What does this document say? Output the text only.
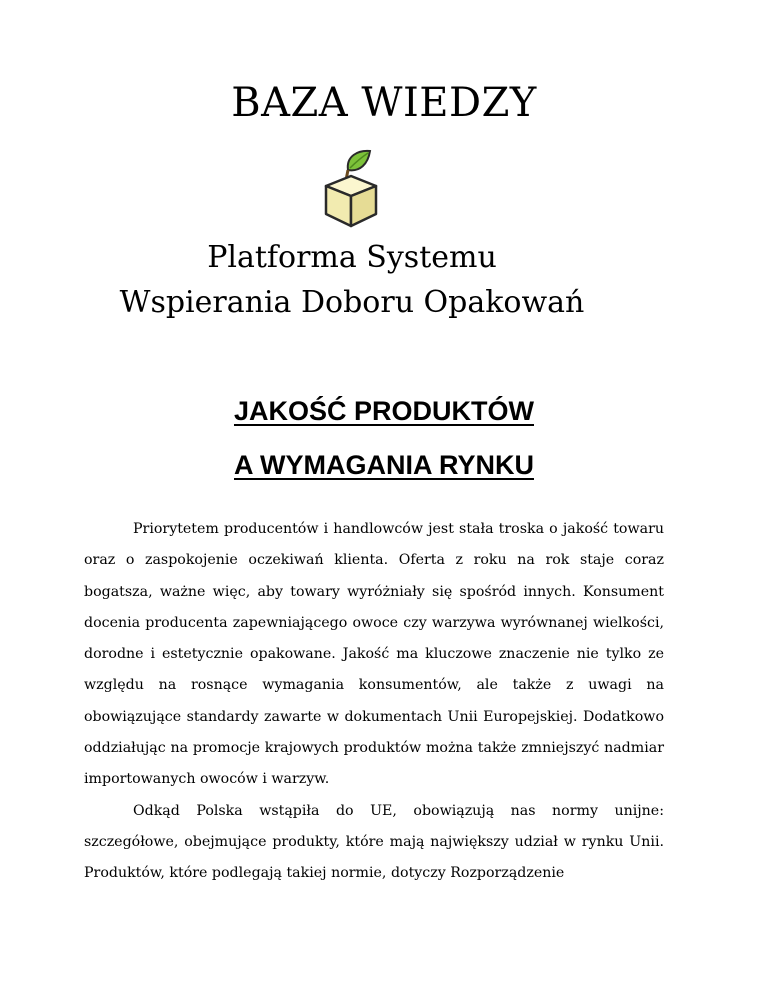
BAZA WIEDZY
Platforma Systemu
Wspierania Doboru Opakowań
JAKOŚĆ PRODUKTÓW
A WYMAGANIA RYNKU

Priorytetem producentów i handlowców jest stała troska o jakość towaru oraz o zaspokojenie oczekiwań klienta. Oferta z roku na rok staje coraz bogatsza, ważne więc, aby towary wyróżniały się spośród innych. Konsument docenia producenta zapewniającego owoce czy warzywa wyrównanej wielkości, dorodne i estetycznie opakowane. Jakość ma kluczowe znaczenie nie tylko ze względu na rosnące wymagania konsumentów, ale także z uwagi na obowiązujące standardy zawarte w dokumentach Unii Europejskiej. Dodatkowo oddziałując na promocje krajowych produktów można także zmniejszyć nadmiar importowanych owoców i warzyw.

Odkąd Polska wstąpiła do UE, obowiązują nas normy unijne: szczegółowe, obejmujące produkty, które mają największy udział w rynku Unii. Produktów, które podlegają takiej normie, dotyczy Rozporządzenie
